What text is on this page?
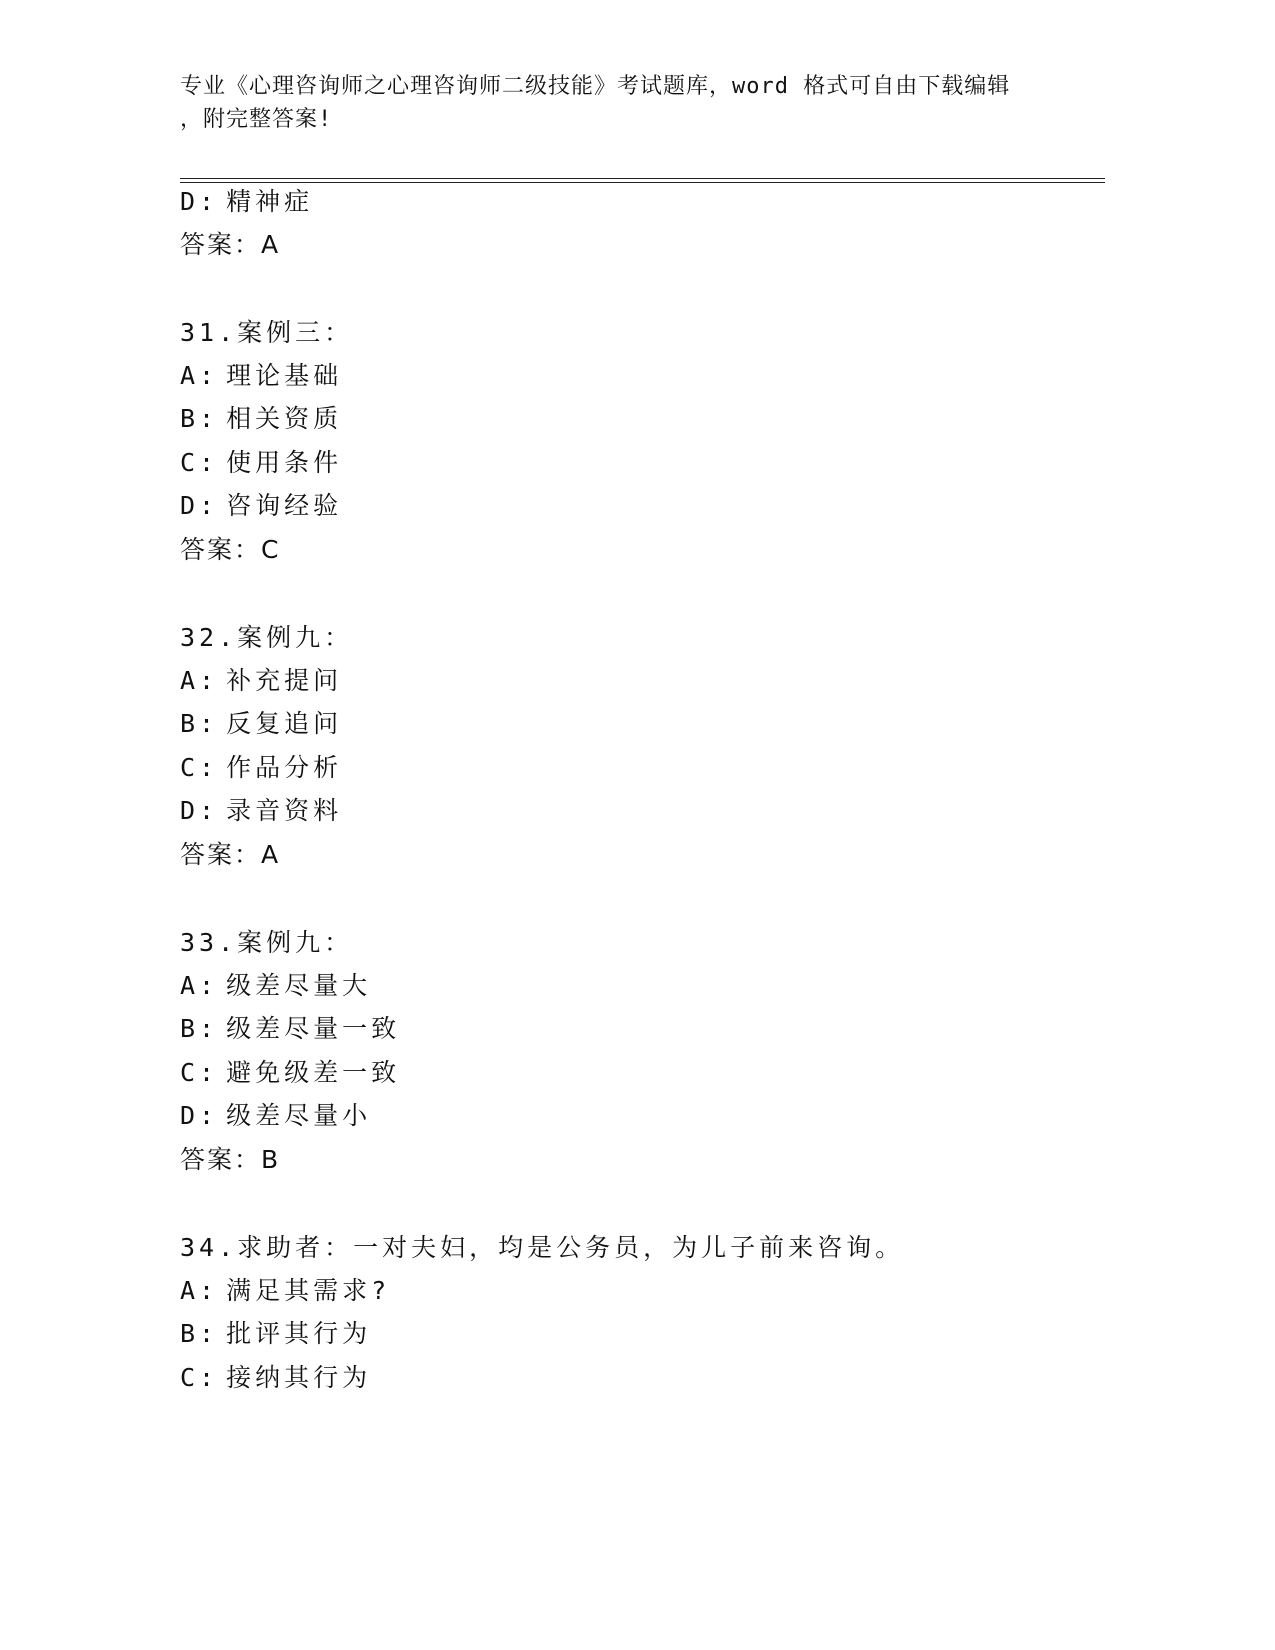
专业《心理咨询师之心理咨询师二级技能》考试题库，word 格式可自由下载编辑
，附完整答案!
D: 精神症
答案：A
31.案例三：
A: 理论基础
B: 相关资质
C: 使用条件
D: 咨询经验
答案：C
32.案例九：
A: 补充提问
B: 反复追问
C: 作品分析
D: 录音资料
答案：A
33.案例九：
A: 级差尽量大
B: 级差尽量一致
C: 避免级差一致
D: 级差尽量小
答案：B
34.求助者：一对夫妇，均是公务员，为儿子前来咨询。
A: 满足其需求?
B: 批评其行为
C: 接纳其行为
